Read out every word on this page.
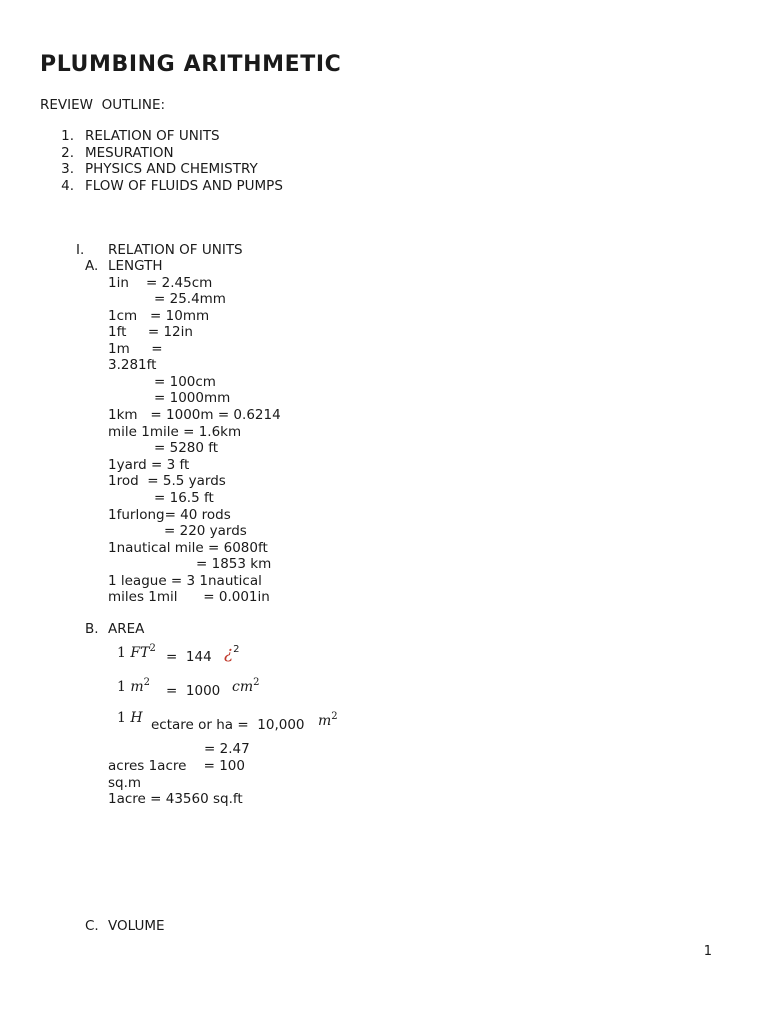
PLUMBING ARITHMETIC
REVIEW  OUTLINE:
1. RELATION OF UNITS
2. MESURATION
3. PHYSICS AND CHEMISTRY
4. FLOW OF FLUIDS AND PUMPS
I. RELATION OF UNITS
A. LENGTH
1in    = 2.45cm
= 25.4mm
1cm   = 10mm
1ft     = 12in
1m     =
3.281ft
= 100cm
= 1000mm
1km   = 1000m = 0.6214
mile 1mile = 1.6km
= 5280 ft
1yard = 3 ft
1rod  = 5.5 yards
= 16.5 ft
1furlong= 40 rods
= 220 yards
1nautical mile = 6080ft
= 1853 km
1 league = 3 1nautical
miles 1mil      = 0.001in
B. AREA
1 $FT^2$
=  144 ¿$^2$
1 $m^2$
=  1000 $cm^2$
1 H ectare or ha =  10,000 $m^2$
= 2.47
acres 1acre    = 100
sq.m
1acre = 43560 sq.ft
C. VOLUME
1
